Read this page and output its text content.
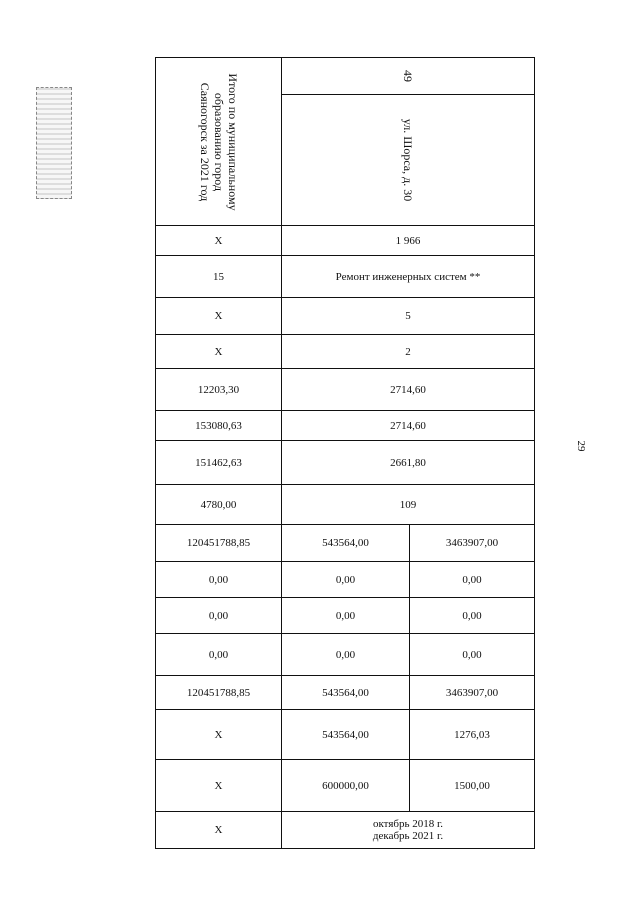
29
Итого по муниципальному образованию город Саяногорск за 2021 год	49	

	ул. Шорса, д. 30	

X	1 966	
15	Ремонт инженерных систем **	
X	5	
X	2	
12203,30	2714,60	
153080,63	2714,60	
151462,63	2661,80	
4780,00	109	
120451788,85	543564,00	3463907,00
0,00	0,00	0,00
0,00	0,00	0,00
0,00	0,00	0,00
120451788,85	543564,00	3463907,00
X	543564,00	1276,03
X	600000,00	1500,00
X	октябрь 2018 г.
декабрь 2021 г.	
